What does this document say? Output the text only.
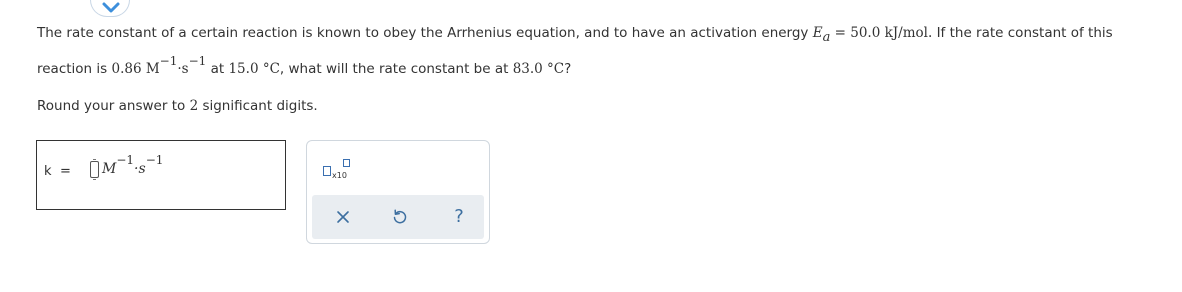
The rate constant of a certain reaction is known to obey the Arrhenius equation, and to have an activation energy Ea = 50.0 kJ/mol. If the rate constant of this
reaction is 0.86 M−1·s−1 at 15.0 °C, what will the rate constant be at 83.0 °C?
Round your answer to 2 significant digits.
k = M−1·s−1
x10
?
